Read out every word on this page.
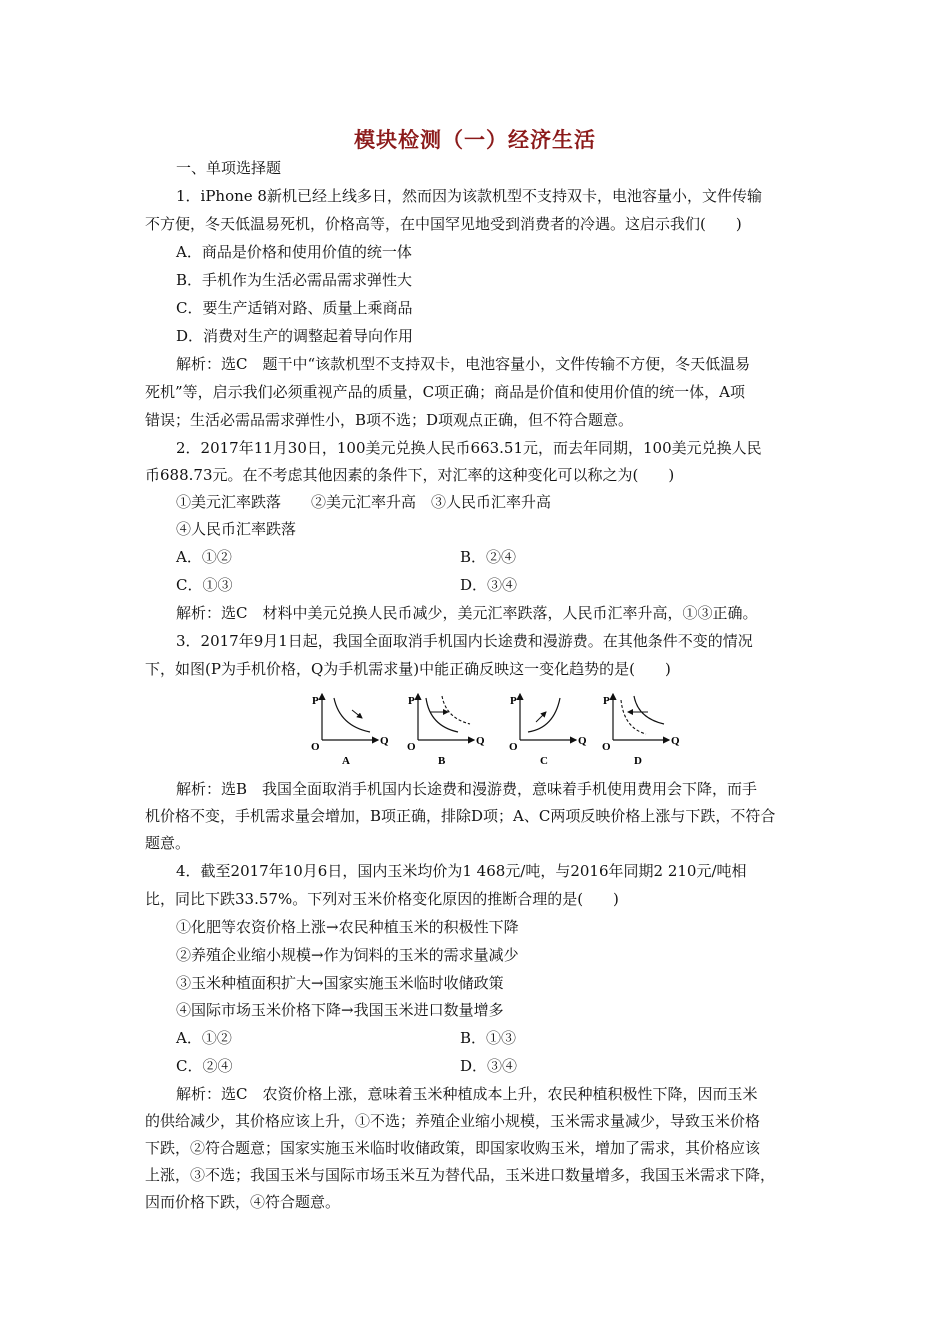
模块检测（一）经济生活
一、单项选择题
1．iPhone 8新机已经上线多日，然而因为该款机型不支持双卡，电池容量小，文件传输
不方便，冬天低温易死机，价格高等，在中国罕见地受到消费者的冷遇。这启示我们(　　)
A．商品是价格和使用价值的统一体
B．手机作为生活必需品需求弹性大
C．要生产适销对路、质量上乘商品
D．消费对生产的调整起着导向作用
解析：选C　题干中“该款机型不支持双卡，电池容量小，文件传输不方便，冬天低温易
死机”等，启示我们必须重视产品的质量，C项正确；商品是价值和使用价值的统一体，A项
错误；生活必需品需求弹性小，B项不选；D项观点正确，但不符合题意。
2．2017年11月30日，100美元兑换人民币663.51元，而去年同期，100美元兑换人民
币688.73元。在不考虑其他因素的条件下，对汇率的这种变化可以称之为(　　)
①美元汇率跌落　　②美元汇率升高　③人民币汇率升高
④人民币汇率跌落
A．①②	B．②④
C．①③	D．③④
解析：选C　材料中美元兑换人民币减少，美元汇率跌落，人民币汇率升高，①③正确。
3．2017年9月1日起，我国全面取消手机国内长途费和漫游费。在其他条件不变的情况
下，如图(P为手机价格，Q为手机需求量)中能正确反映这一变化趋势的是(　　)
P
Q
O
A
P
Q
O
B
P
Q
O
C
P
Q
O
D
解析：选B　我国全面取消手机国内长途费和漫游费，意味着手机使用费用会下降，而手
机价格不变，手机需求量会增加，B项正确，排除D项；A、C两项反映价格上涨与下跌，不符合
题意。
4．截至2017年10月6日，国内玉米均价为1 468元/吨，与2016年同期2 210元/吨相
比，同比下跌33.57%。下列对玉米价格变化原因的推断合理的是(　　)
①化肥等农资价格上涨→农民种植玉米的积极性下降
②养殖企业缩小规模→作为饲料的玉米的需求量减少
③玉米种植面积扩大→国家实施玉米临时收储政策
④国际市场玉米价格下降→我国玉米进口数量增多
A．①②	B．①③
C．②④	D．③④
解析：选C　农资价格上涨，意味着玉米种植成本上升，农民种植积极性下降，因而玉米
的供给减少，其价格应该上升，①不选；养殖企业缩小规模，玉米需求量减少，导致玉米价格
下跌，②符合题意；国家实施玉米临时收储政策，即国家收购玉米，增加了需求，其价格应该
上涨，③不选；我国玉米与国际市场玉米互为替代品，玉米进口数量增多，我国玉米需求下降，
因而价格下跌，④符合题意。
